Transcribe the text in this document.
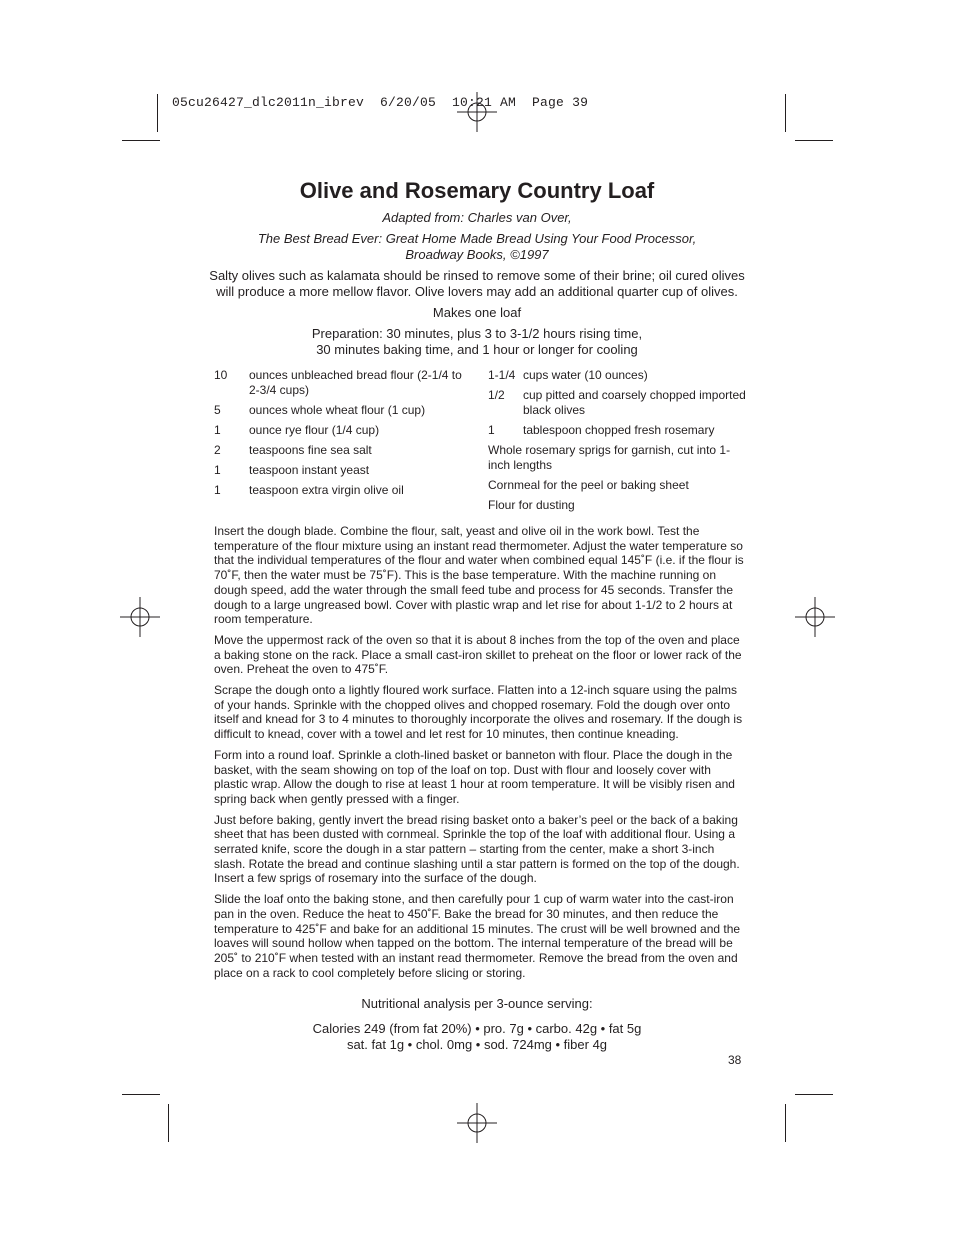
05cu26427_dlc2011n_ibrev  6/20/05  10:21 AM  Page 39
Olive and Rosemary Country Loaf

Adapted from: Charles van Over,

The Best Bread Ever: Great Home Made Bread Using Your Food Processor,

Broadway Books, ©1997

Salty olives such as kalamata should be rinsed to remove some of their brine; oil cured olives will produce a more mellow flavor. Olive lovers may add an additional quarter cup of olives.

Makes one loaf

Preparation: 30 minutes, plus 3 to 3-1/2 hours rising time,

30 minutes baking time, and 1 hour or longer for cooling

10	ounces unbleached bread flour (2-1/4 to 2-3/4 cups)
5	ounces whole wheat flour (1 cup)
1	ounce rye flour (1/4 cup)
2	teaspoons fine sea salt
1	teaspoon instant yeast
1	teaspoon extra virgin olive oil
1-1/4 cups water (10 ounces)
1/2	cup pitted and coarsely chopped imported black olives
1	tablespoon chopped fresh rosemary
Whole rosemary sprigs for garnish, cut into 1-inch lengths
Cornmeal for the peel or baking sheet
Flour for dusting

Insert the dough blade. Combine the flour, salt, yeast and olive oil in the work bowl. Test the temperature of the flour mixture using an instant read thermometer. Adjust the water temperature so that the individual temperatures of the flour and water when combined equal 145˚F (i.e. if the flour is 70˚F, then the water must be 75˚F). This is the base temperature. With the machine running on dough speed, add the water through the small feed tube and process for 45 seconds. Transfer the dough to a large ungreased bowl. Cover with plastic wrap and let rise for about 1-1/2 to 2 hours at room temperature.

Move the uppermost rack of the oven so that it is about 8 inches from the top of the oven and place a baking stone on the rack. Place a small cast-iron skillet to preheat on the floor or lower rack of the oven. Preheat the oven to 475˚F.

Scrape the dough onto a lightly floured work surface. Flatten into a 12-inch square using the palms of your hands. Sprinkle with the chopped olives and chopped rosemary. Fold the dough over onto itself and knead for 3 to 4 minutes to thoroughly incorporate the olives and rosemary. If the dough is difficult to knead, cover with a towel and let rest for 10 minutes, then continue kneading.

Form into a round loaf. Sprinkle a cloth-lined basket or banneton with flour. Place the dough in the basket, with the seam showing on top of the loaf on top. Dust with flour and loosely cover with plastic wrap. Allow the dough to rise at least 1 hour at room temperature. It will be visibly risen and spring back when gently pressed with a finger.

Just before baking, gently invert the bread rising basket onto a baker’s peel or the back of a baking sheet that has been dusted with cornmeal. Sprinkle the top of the loaf with additional flour. Using a serrated knife, score the dough in a star pattern – starting from the center, make a short 3-inch slash. Rotate the bread and continue slashing until a star pattern is formed on the top of the dough. Insert a few sprigs of rosemary into the surface of the dough.

Slide the loaf onto the baking stone, and then carefully pour 1 cup of warm water into the cast-iron pan in the oven. Reduce the heat to 450˚F. Bake the bread for 30 minutes, and then reduce the temperature to 425˚F and bake for an additional 15 minutes. The crust will be well browned and the loaves will sound hollow when tapped on the bottom. The internal temperature of the bread will be 205˚ to 210˚F when tested with an instant read thermometer. Remove the bread from the oven and place on a rack to cool completely before slicing or storing.

Nutritional analysis per 3-ounce serving:

Calories 249 (from fat 20%) • pro. 7g • carbo. 42g • fat 5g

sat. fat 1g • chol. 0mg • sod. 724mg • fiber 4g

38
